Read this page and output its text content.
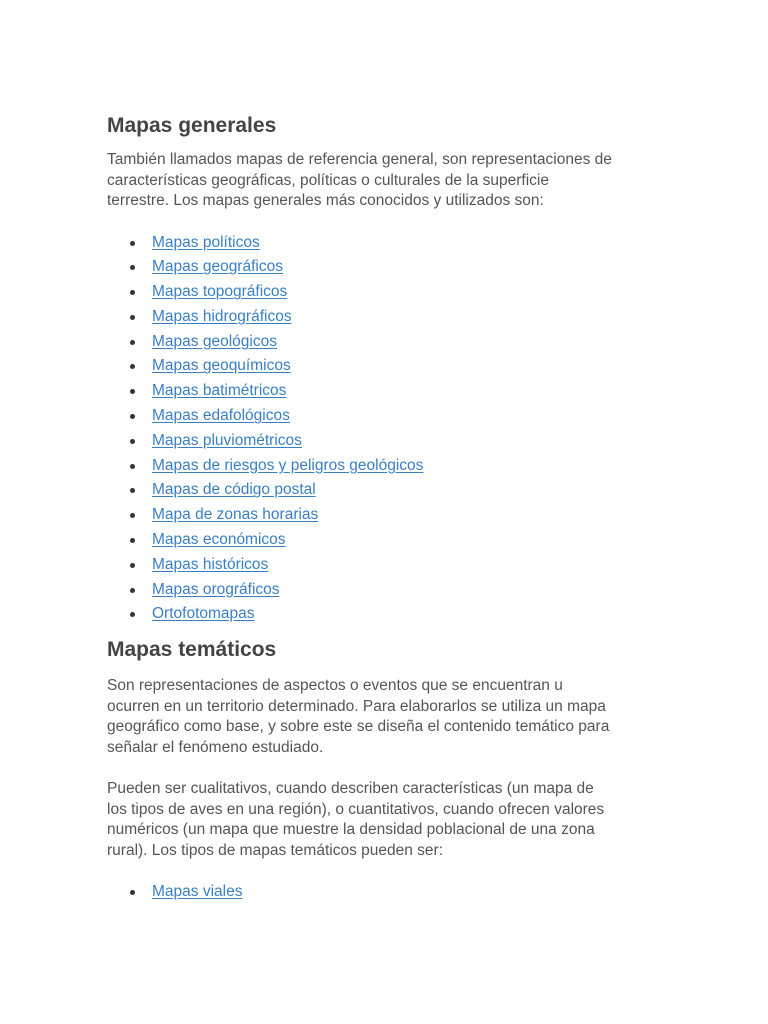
Mapas generales

También llamados mapas de referencia general, son representaciones de
características geográficas, políticas o culturales de la superficie
terrestre. Los mapas generales más conocidos y utilizados son:

Mapas políticos
Mapas geográficos
Mapas topográficos
Mapas hidrográficos
Mapas geológicos
Mapas geoquímicos
Mapas batimétricos
Mapas edafológicos
Mapas pluviométricos
Mapas de riesgos y peligros geológicos
Mapas de código postal
Mapa de zonas horarias
Mapas económicos
Mapas históricos
Mapas orográficos
Ortofotomapas
Mapas temáticos

Son representaciones de aspectos o eventos que se encuentran u
ocurren en un territorio determinado. Para elaborarlos se utiliza un mapa
geográfico como base, y sobre este se diseña el contenido temático para
señalar el fenómeno estudiado.

Pueden ser cualitativos, cuando describen características (un mapa de
los tipos de aves en una región), o cuantitativos, cuando ofrecen valores
numéricos (un mapa que muestre la densidad poblacional de una zona
rural). Los tipos de mapas temáticos pueden ser:

Mapas viales
